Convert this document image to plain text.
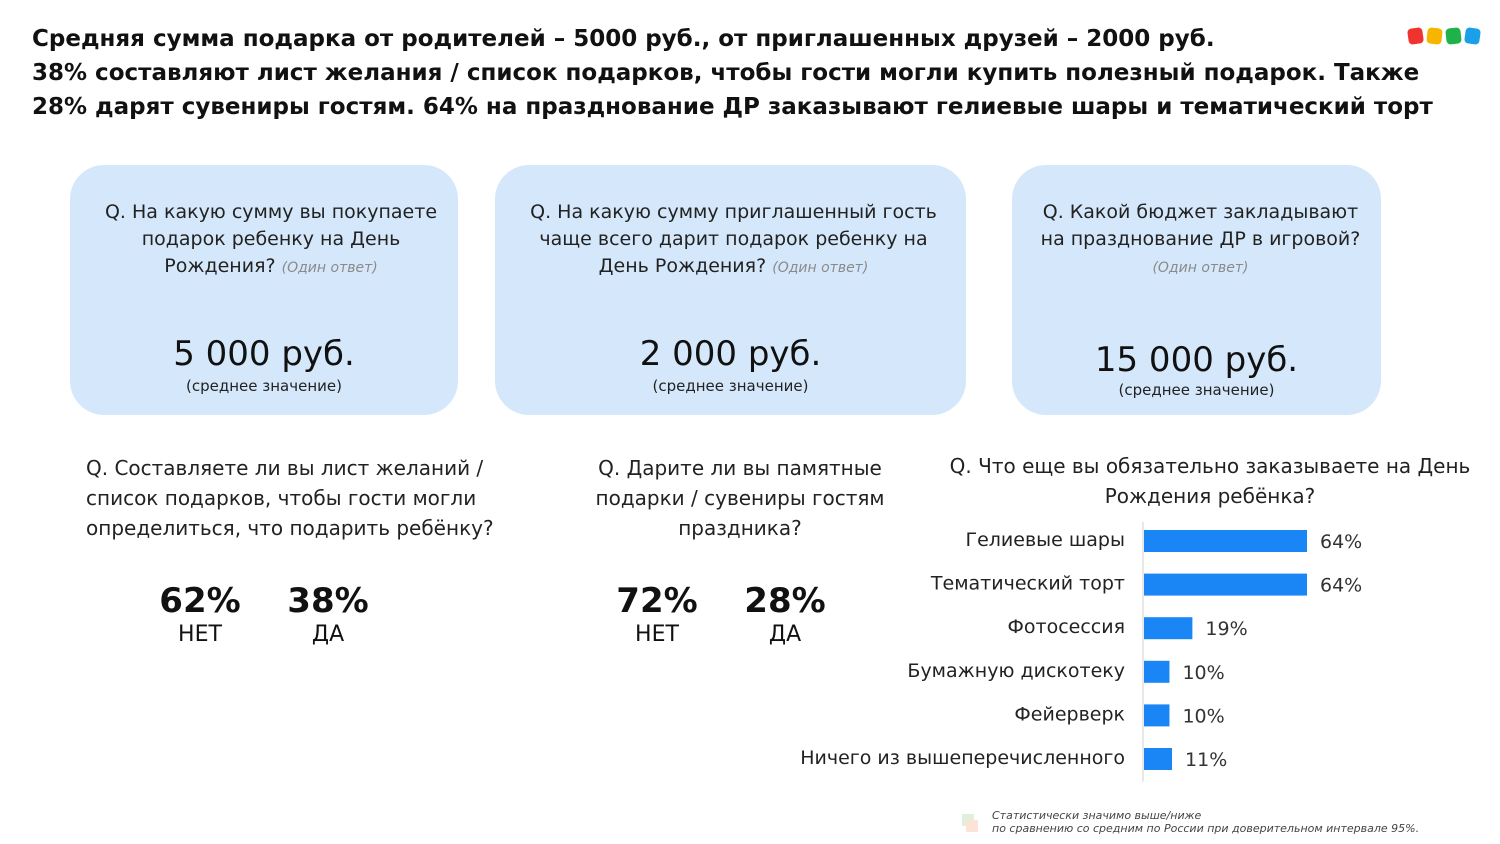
Средняя сумма подарка от родителей – 5000 руб., от приглашенных друзей – 2000 руб.
38% составляют лист желания / список подарков, чтобы гости могли купить полезный подарок. Также
28% дарят сувениры гостям. 64% на празднование ДР заказывают гелиевые шары и тематический торт
Q. На какую сумму вы покупаете подарок ребенку на День Рождения? (Один ответ)
5 000 руб.
(среднее значение)
Q. На какую сумму приглашенный гость чаще всего дарит подарок ребенку на День Рождения? (Один ответ)
2 000 руб.
(среднее значение)
Q. Какой бюджет закладывают на празднование ДР в игровой? (Один ответ)
15 000 руб.
(среднее значение)
Q. Составляете ли вы лист желаний / список подарков, чтобы гости могли определиться, что подарить ребёнку?
62%
НЕТ
38%
ДА
Q. Дарите ли вы памятные подарки / сувениры гостям праздника?
72%
НЕТ
28%
ДА
Q. Что еще вы обязательно заказываете на День Рождения ребёнка?
Гелиевые шары	64%
Тематический торт	64%
Фотосессия	19%
Бумажную дискотеку	10%
Фейерверк	10%
Ничего из вышеперечисленного	11%
Статистически значимо выше/ниже
по сравнению со средним по России при доверительном интервале 95%.
